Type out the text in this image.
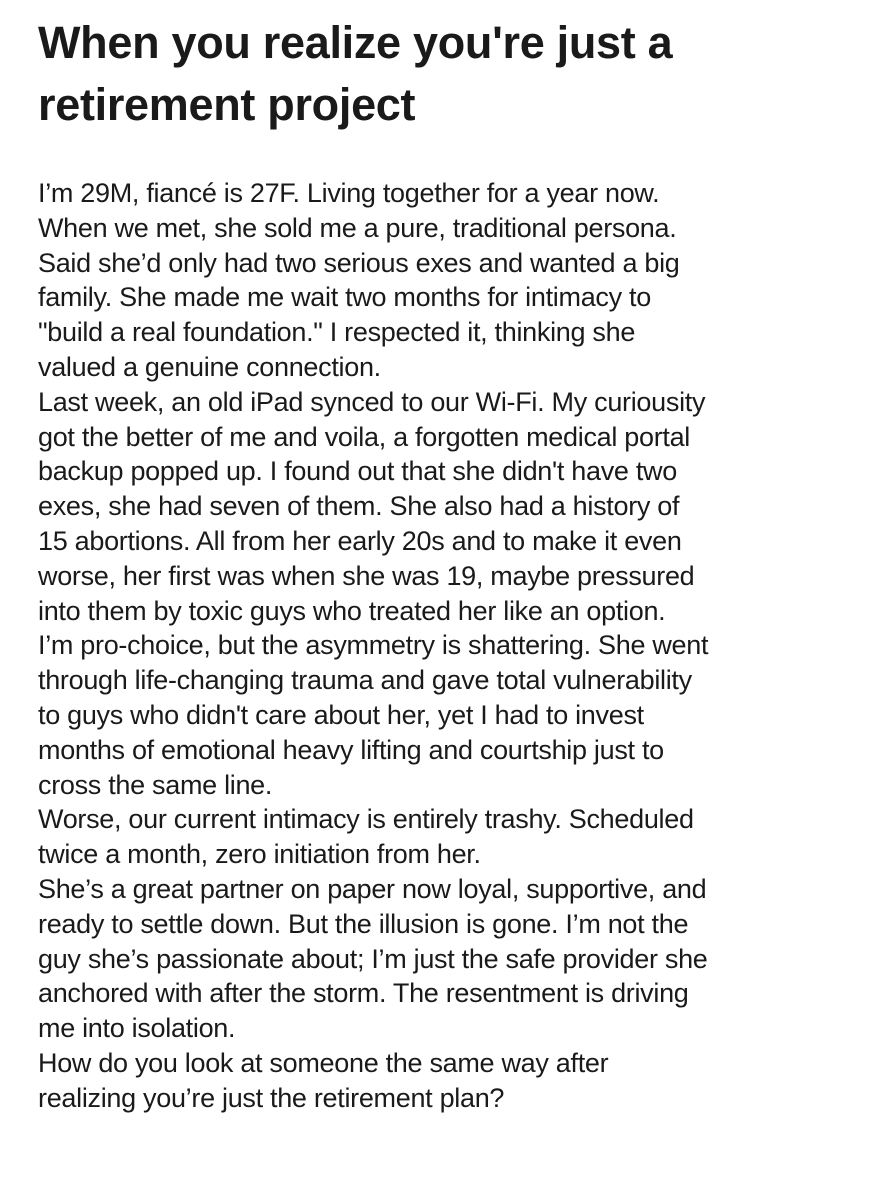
When you realize you're just a
retirement project
I’m 29M, fiancé is 27F. Living together for a year now.
When we met, she sold me a pure, traditional persona.
Said she’d only had two serious exes and wanted a big
family. She made me wait two months for intimacy to
"build a real foundation." I respected it, thinking she
valued a genuine connection.
Last week, an old iPad synced to our Wi-Fi. My curiousity
got the better of me and voila, a forgotten medical portal
backup popped up. I found out that she didn't have two
exes, she had seven of them. She also had a history of
15 abortions. All from her early 20s and to make it even
worse, her first was when she was 19, maybe pressured
into them by toxic guys who treated her like an option.
I’m pro-choice, but the asymmetry is shattering. She went
through life-changing trauma and gave total vulnerability
to guys who didn't care about her, yet I had to invest
months of emotional heavy lifting and courtship just to
cross the same line.
Worse, our current intimacy is entirely trashy. Scheduled
twice a month, zero initiation from her.
She’s a great partner on paper now loyal, supportive, and
ready to settle down. But the illusion is gone. I’m not the
guy she’s passionate about; I’m just the safe provider she
anchored with after the storm. The resentment is driving
me into isolation.
How do you look at someone the same way after
realizing you’re just the retirement plan?
